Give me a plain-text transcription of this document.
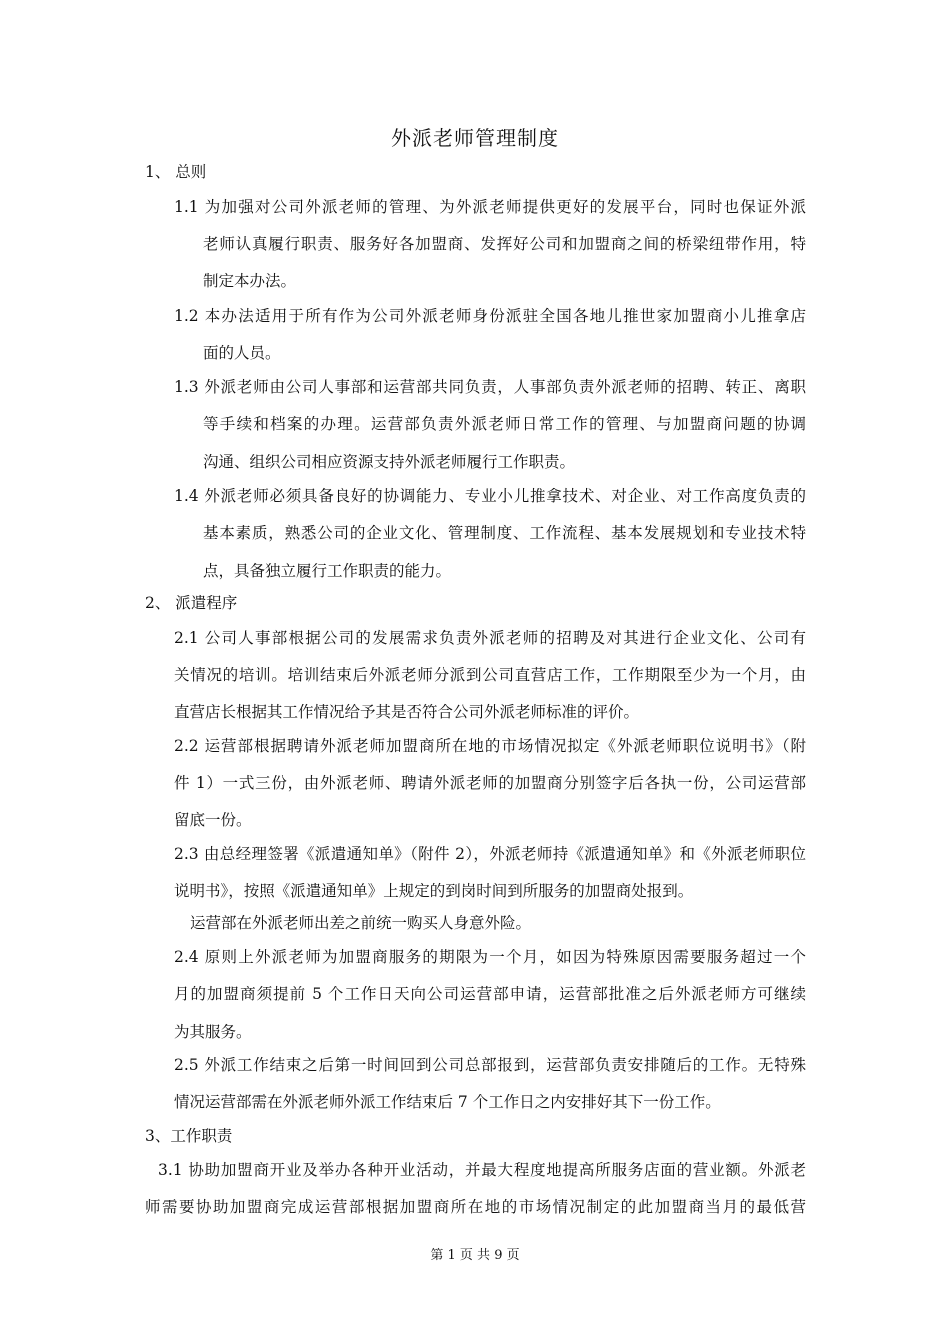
外派老师管理制度
1、 总则
1.1 为加强对公司外派老师的管理、为外派老师提供更好的发展平台，同时也保证外派
老师认真履行职责、服务好各加盟商、发挥好公司和加盟商之间的桥梁纽带作用，特
制定本办法。
1.2 本办法适用于所有作为公司外派老师身份派驻全国各地儿推世家加盟商小儿推拿店
面的人员。
1.3 外派老师由公司人事部和运营部共同负责，人事部负责外派老师的招聘、转正、离职
等手续和档案的办理。运营部负责外派老师日常工作的管理、与加盟商问题的协调
沟通、组织公司相应资源支持外派老师履行工作职责。
1.4 外派老师必须具备良好的协调能力、专业小儿推拿技术、对企业、对工作高度负责的
基本素质，熟悉公司的企业文化、管理制度、工作流程、基本发展规划和专业技术特
点，具备独立履行工作职责的能力。
2、 派遣程序
2.1 公司人事部根据公司的发展需求负责外派老师的招聘及对其进行企业文化、公司有
关情况的培训。培训结束后外派老师分派到公司直营店工作，工作期限至少为一个月，由
直营店长根据其工作情况给予其是否符合公司外派老师标准的评价。
2.2 运营部根据聘请外派老师加盟商所在地的市场情况拟定《外派老师职位说明书》（附
件 1）一式三份，由外派老师、聘请外派老师的加盟商分别签字后各执一份，公司运营部
留底一份。
2.3 由总经理签署《派遣通知单》（附件 2），外派老师持《派遣通知单》和《外派老师职位
说明书》，按照《派遣通知单》上规定的到岗时间到所服务的加盟商处报到。
运营部在外派老师出差之前统一购买人身意外险。
2.4 原则上外派老师为加盟商服务的期限为一个月，如因为特殊原因需要服务超过一个
月的加盟商须提前 5 个工作日天向公司运营部申请，运营部批准之后外派老师方可继续
为其服务。
2.5 外派工作结束之后第一时间回到公司总部报到，运营部负责安排随后的工作。无特殊
情况运营部需在外派老师外派工作结束后 7 个工作日之内安排好其下一份工作。
3、工作职责
3.1 协助加盟商开业及举办各种开业活动，并最大程度地提高所服务店面的营业额。外派老
师需要协助加盟商完成运营部根据加盟商所在地的市场情况制定的此加盟商当月的最低营
第 1 页 共 9 页
